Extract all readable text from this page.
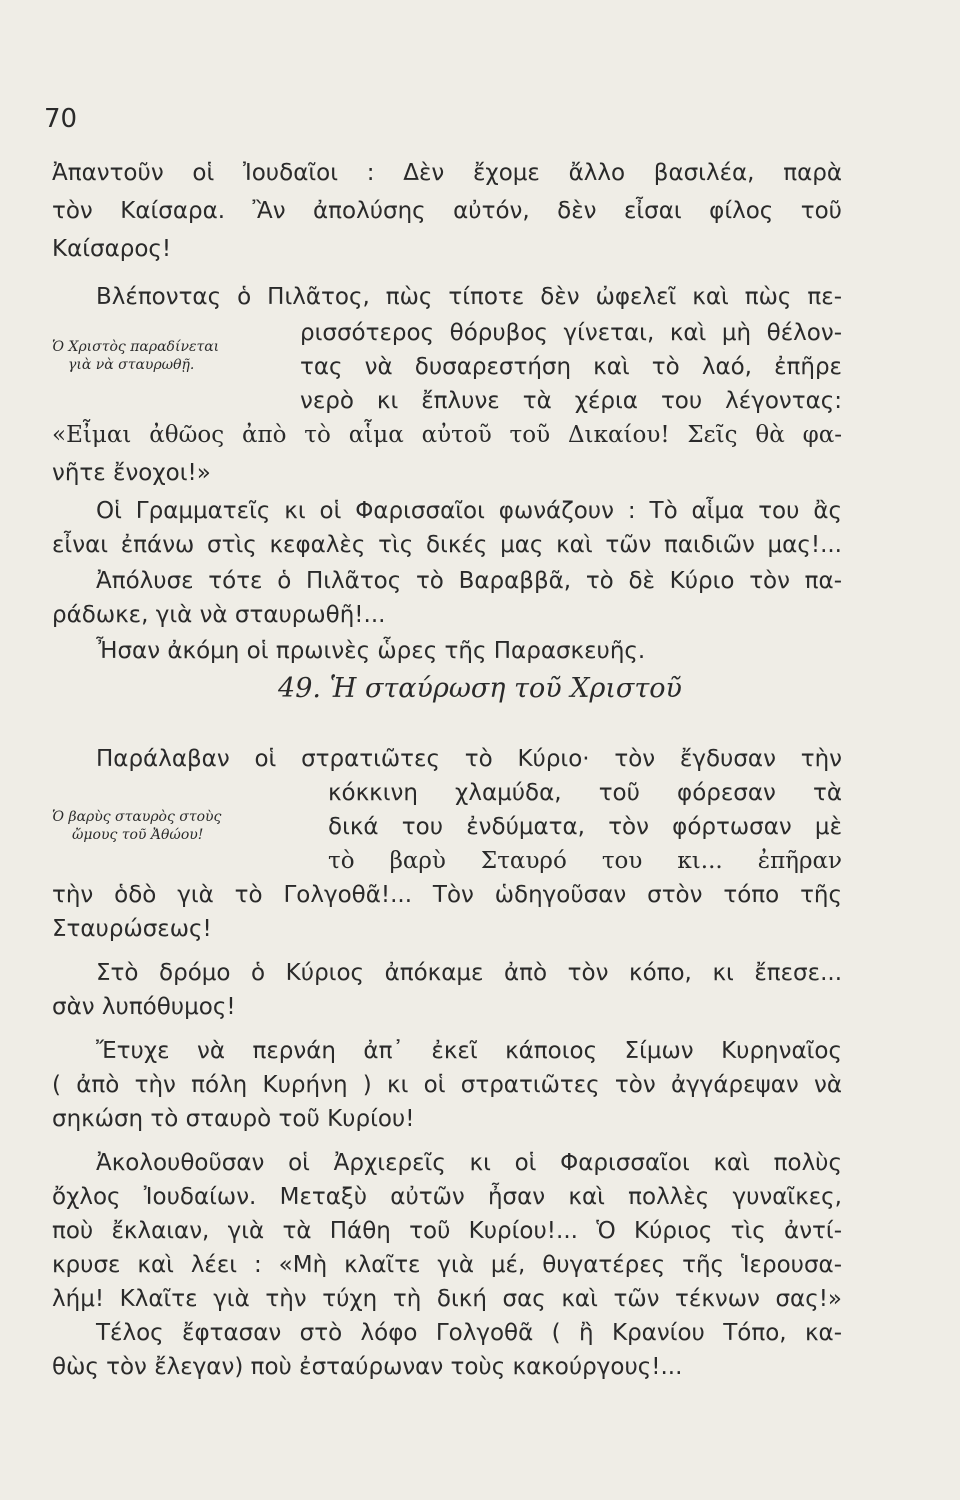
70
Ἀπαντοῦν οἱ Ἰουδαῖοι : Δὲν ἔχομε ἄλλο βασιλέα, παρὰ
τὸν Καίσαρα. Ἂν ἀπολύσης αὐτόν, δὲν εἶσαι φίλος τοῦ
Καίσαρος!
Βλέποντας ὁ Πιλᾶτος, πὼς τίποτε δὲν ὠφελεῖ καὶ πὼς πε-
ρισσότερος θόρυβος γίνεται, καὶ μὴ θέλον-
τας νὰ δυσαρεστήση καὶ τὸ λαό, ἐπῆρε
νερὸ κι ἔπλυνε τὰ χέρια του λέγοντας:
Ὁ Χριστὸς παραδίνεται
γιὰ νὰ σταυρωθῇ.
«Εἶμαι ἀθῶος ἀπὸ τὸ αἷμα αὐτοῦ τοῦ Δικαίου! Σεῖς θὰ φα-
νῆτε ἔνοχοι!»
Οἱ Γραμματεῖς κι οἱ Φαρισσαῖοι φωνάζουν : Τὸ αἷμα του ἂς
εἶναι ἐπάνω στὶς κεφαλὲς τὶς δικές μας καὶ τῶν παιδιῶν μας!...
Ἀπόλυσε τότε ὁ Πιλᾶτος τὸ Βαραββᾶ, τὸ δὲ Κύριο τὸν πα-
ράδωκε, γιὰ νὰ σταυρωθῆ!...
Ἦσαν ἀκόμη οἱ πρωινὲς ὧρες τῆς Παρασκευῆς.
49. Ἡ σταύρωση τοῦ Χριστοῦ
Παράλαβαν οἱ στρατιῶτες τὸ Κύριο· τὸν ἔγδυσαν τὴν
κόκκινη χλαμύδα, τοῦ φόρεσαν τὰ
δικά του ἐνδύματα, τὸν φόρτωσαν μὲ
τὸ βαρὺ Σταυρό του κι... ἐπῆραν
Ὁ βαρὺς σταυρὸς στοὺς
ὤμους τοῦ Ἀθώου!
τὴν ὁδὸ γιὰ τὸ Γολγοθᾶ!... Τὸν ὡδηγοῦσαν στὸν τόπο τῆς
Σταυρώσεως!
Στὸ δρόμο ὁ Κύριος ἀπόκαμε ἀπὸ τὸν κόπο, κι ἔπεσε...
σὰν λυπόθυμος!
Ἔτυχε νὰ περνάη ἀπ᾽ ἐκεῖ κάποιος Σίμων Κυρηναῖος
( ἀπὸ τὴν πόλη Κυρήνη ) κι οἱ στρατιῶτες τὸν ἀγγάρεψαν νὰ
σηκώση τὸ σταυρὸ τοῦ Κυρίου!
Ἀκολουθοῦσαν οἱ Ἀρχιερεῖς κι οἱ Φαρισσαῖοι καὶ πολὺς
ὄχλος Ἰουδαίων. Μεταξὺ αὐτῶν ἦσαν καὶ πολλὲς γυναῖκες,
ποὺ ἔκλαιαν, γιὰ τὰ Πάθη τοῦ Κυρίου!... Ὁ Κύριος τὶς ἀντί-
κρυσε καὶ λέει : «Μὴ κλαῖτε γιὰ μέ, θυγατέρες τῆς Ἱερουσα-
λήμ! Κλαῖτε γιὰ τὴν τύχη τὴ δική σας καὶ τῶν τέκνων σας!»
Τέλος ἔφτασαν στὸ λόφο Γολγοθᾶ ( ἢ Κρανίου Τόπο, κα-
θὼς τὸν ἔλεγαν) ποὺ ἐσταύρωναν τοὺς κακούργους!...
